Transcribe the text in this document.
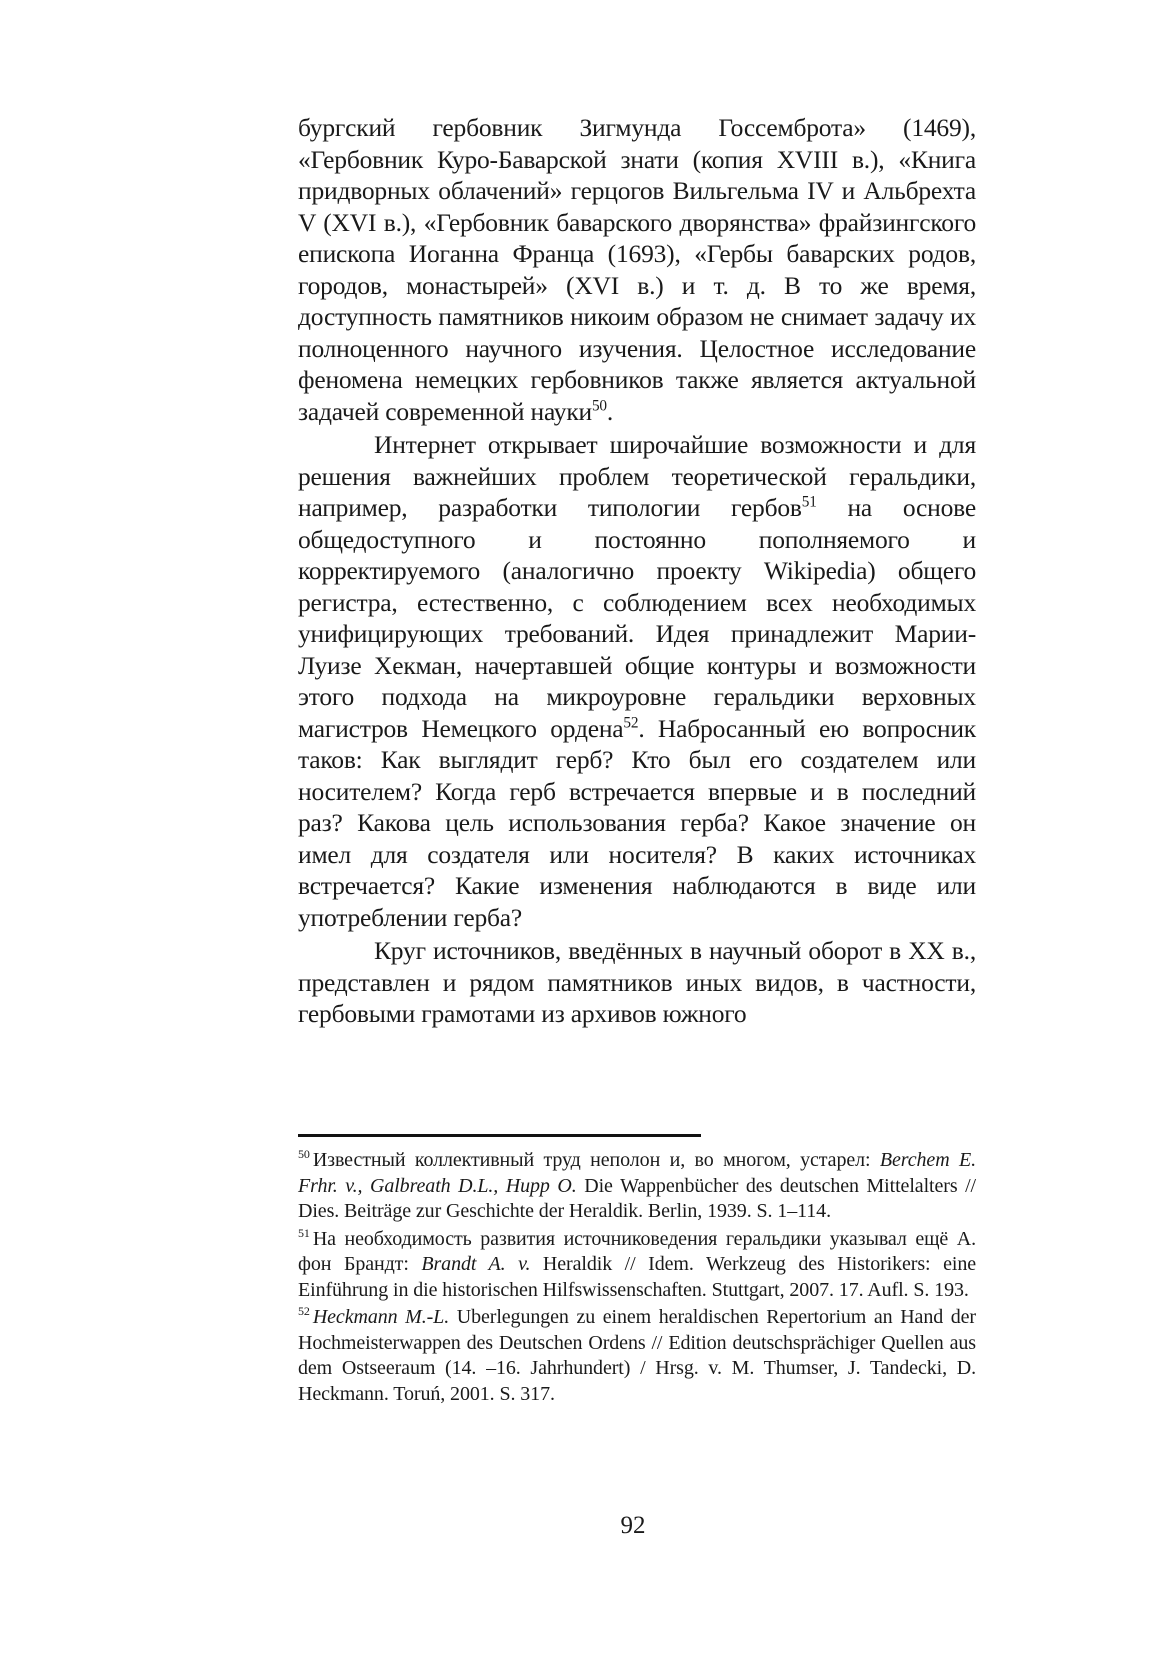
бургский гербовник Зигмунда Госсемброта» (1469), «Гербовник Куро-Баварской знати (копия XVIII в.), «Книга придворных облачений» герцогов Вильгельма IV и Альбрехта V (XVI в.), «Гербовник баварского дворянства» фрайзингского епископа Иоганна Франца (1693), «Гербы баварских родов, городов, монастырей» (XVI в.) и т. д. В то же время, доступность памятников никоим образом не снимает задачу их полноценного научного изучения. Целостное исследование феномена немецких гербовников также является актуальной задачей современной науки$^{50}$.

Интернет открывает широчайшие возможности и для решения важнейших проблем теоретической геральдики, например, разработки типологии гербов$^{51}$ на основе общедоступного и постоянно пополняемого и корректируемого (аналогично проекту Wikipedia) общего регистра, естественно, с соблюдением всех необходимых унифицирующих требований. Идея принадлежит Марии-Луизе Хекман, начертавшей общие контуры и возможности этого подхода на микроуровне геральдики верховных магистров Немецкого ордена$^{52}$. Набросанный ею вопросник таков: Как выглядит герб? Кто был его создателем или носителем? Когда герб встречается впервые и в последний раз? Какова цель использования герба? Какое значение он имел для создателя или носителя? В каких источниках встречается? Какие изменения наблюдаются в виде или употреблении герба?

Круг источников, введённых в научный оборот в XX в., представлен и рядом памятников иных видов, в частности, гербовыми грамотами из архивов южного

$^{50}$ Известный коллективный труд неполон и, во многом, устарел: Berchem E. Frhr. v., Galbreath D.L., Hupp O. Die Wappenbücher des deutschen Mittelalters // Dies. Beiträge zur Geschichte der Heraldik. Berlin, 1939. S. 1–114.

$^{51}$ На необходимость развития источниковедения геральдики указывал ещё А. фон Брандт: Brandt A. v. Heraldik // Idem. Werkzeug des Historikers: eine Einführung in die historischen Hilfswissenschaften. Stuttgart, 2007. 17. Aufl. S. 193.

$^{52}$ Heckmann M.-L. Uberlegungen zu einem heraldischen Repertorium an Hand der Hochmeisterwappen des Deutschen Ordens // Edition deutschsprächiger Quellen aus dem Ostseeraum (14. –16. Jahrhundert) / Hrsg. v. M. Thumser, J. Tandecki, D. Heckmann. Toruń, 2001. S. 317.

92
